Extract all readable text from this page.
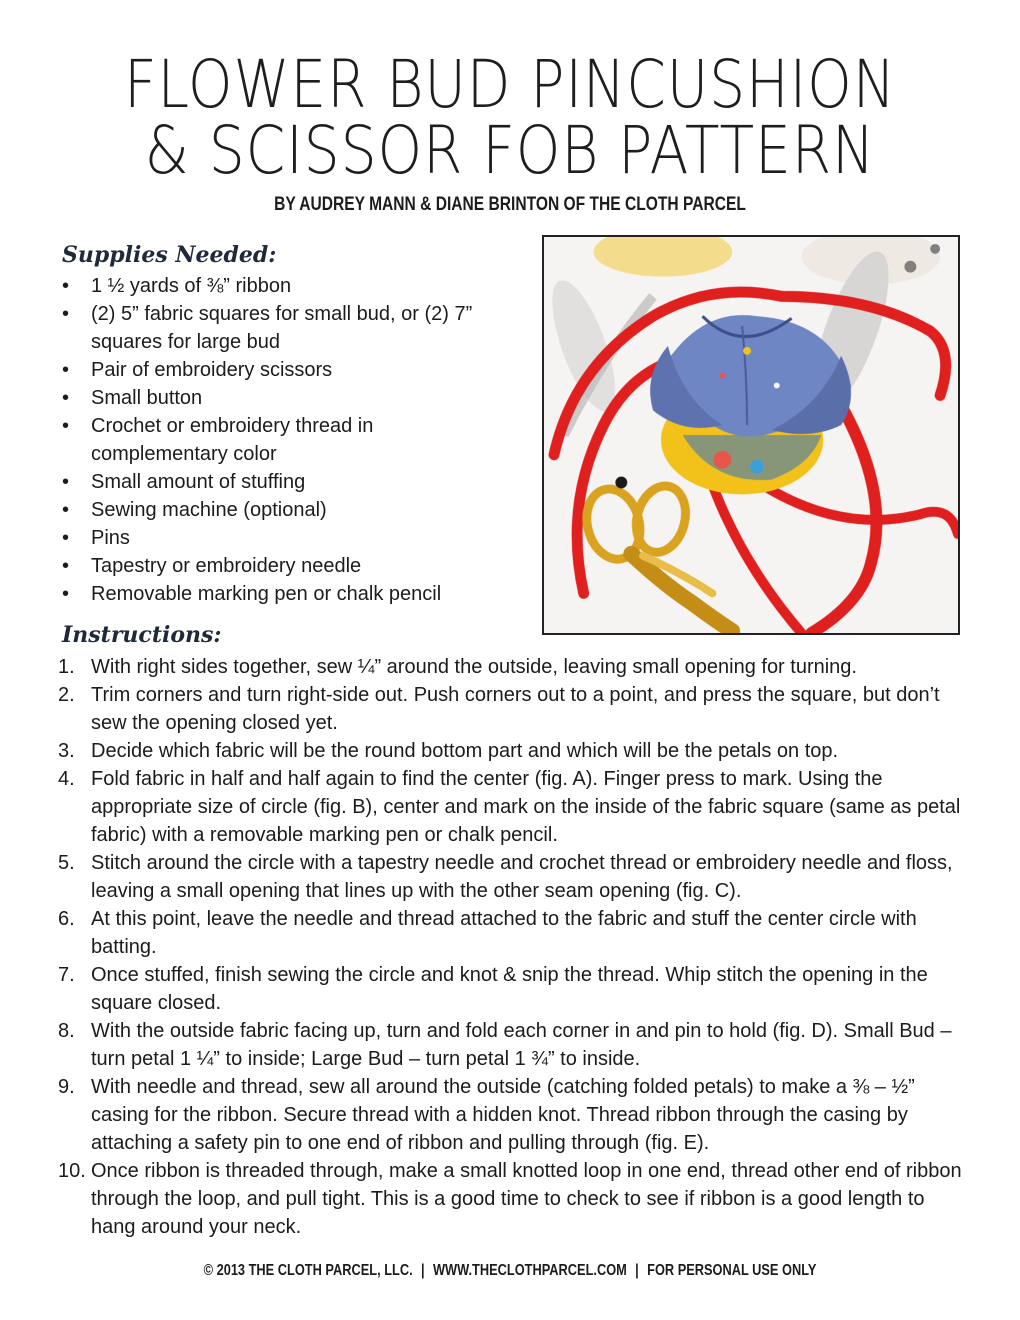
FLOWER BUD PINCUSHION
& SCISSOR FOB PATTERN

BY AUDREY MANN & DIANE BRINTON OF THE CLOTH PARCEL

Supplies Needed:
• 1 ½ yards of ⅜” ribbon
• (2) 5” fabric squares for small bud, or (2) 7” squares for large bud
• Pair of embroidery scissors
• Small button
• Crochet or embroidery thread in complementary color
• Small amount of stuffing
• Sewing machine (optional)
• Pins
• Tapestry or embroidery needle
• Removable marking pen or chalk pencil
Instructions:
1. With right sides together, sew ¼” around the outside, leaving small opening for turning.
2. Trim corners and turn right-side out. Push corners out to a point, and press the square, but don’t sew the opening closed yet.
3. Decide which fabric will be the round bottom part and which will be the petals on top.
4. Fold fabric in half and half again to find the center (fig. A). Finger press to mark. Using the appropriate size of circle (fig. B), center and mark on the inside of the fabric square (same as petal fabric) with a removable marking pen or chalk pencil.
5. Stitch around the circle with a tapestry needle and crochet thread or embroidery needle and floss, leaving a small opening that lines up with the other seam opening (fig. C).
6. At this point, leave the needle and thread attached to the fabric and stuff the center circle with batting.
7. Once stuffed, finish sewing the circle and knot & snip the thread. Whip stitch the opening in the square closed.
8. With the outside fabric facing up, turn and fold each corner in and pin to hold (fig. D). Small Bud – turn petal 1 ¼” to inside; Large Bud – turn petal 1 ¾” to inside.
9. With needle and thread, sew all around the outside (catching folded petals) to make a ⅜ – ½” casing for the ribbon. Secure thread with a hidden knot. Thread ribbon through the casing by attaching a safety pin to one end of ribbon and pulling through (fig. E).
10. Once ribbon is threaded through, make a small knotted loop in one end, thread other end of ribbon through the loop, and pull tight. This is a good time to check to see if ribbon is a good length to hang around your neck.
© 2013 THE CLOTH PARCEL, LLC. | WWW.THECLOTHPARCEL.COM | FOR PERSONAL USE ONLY
